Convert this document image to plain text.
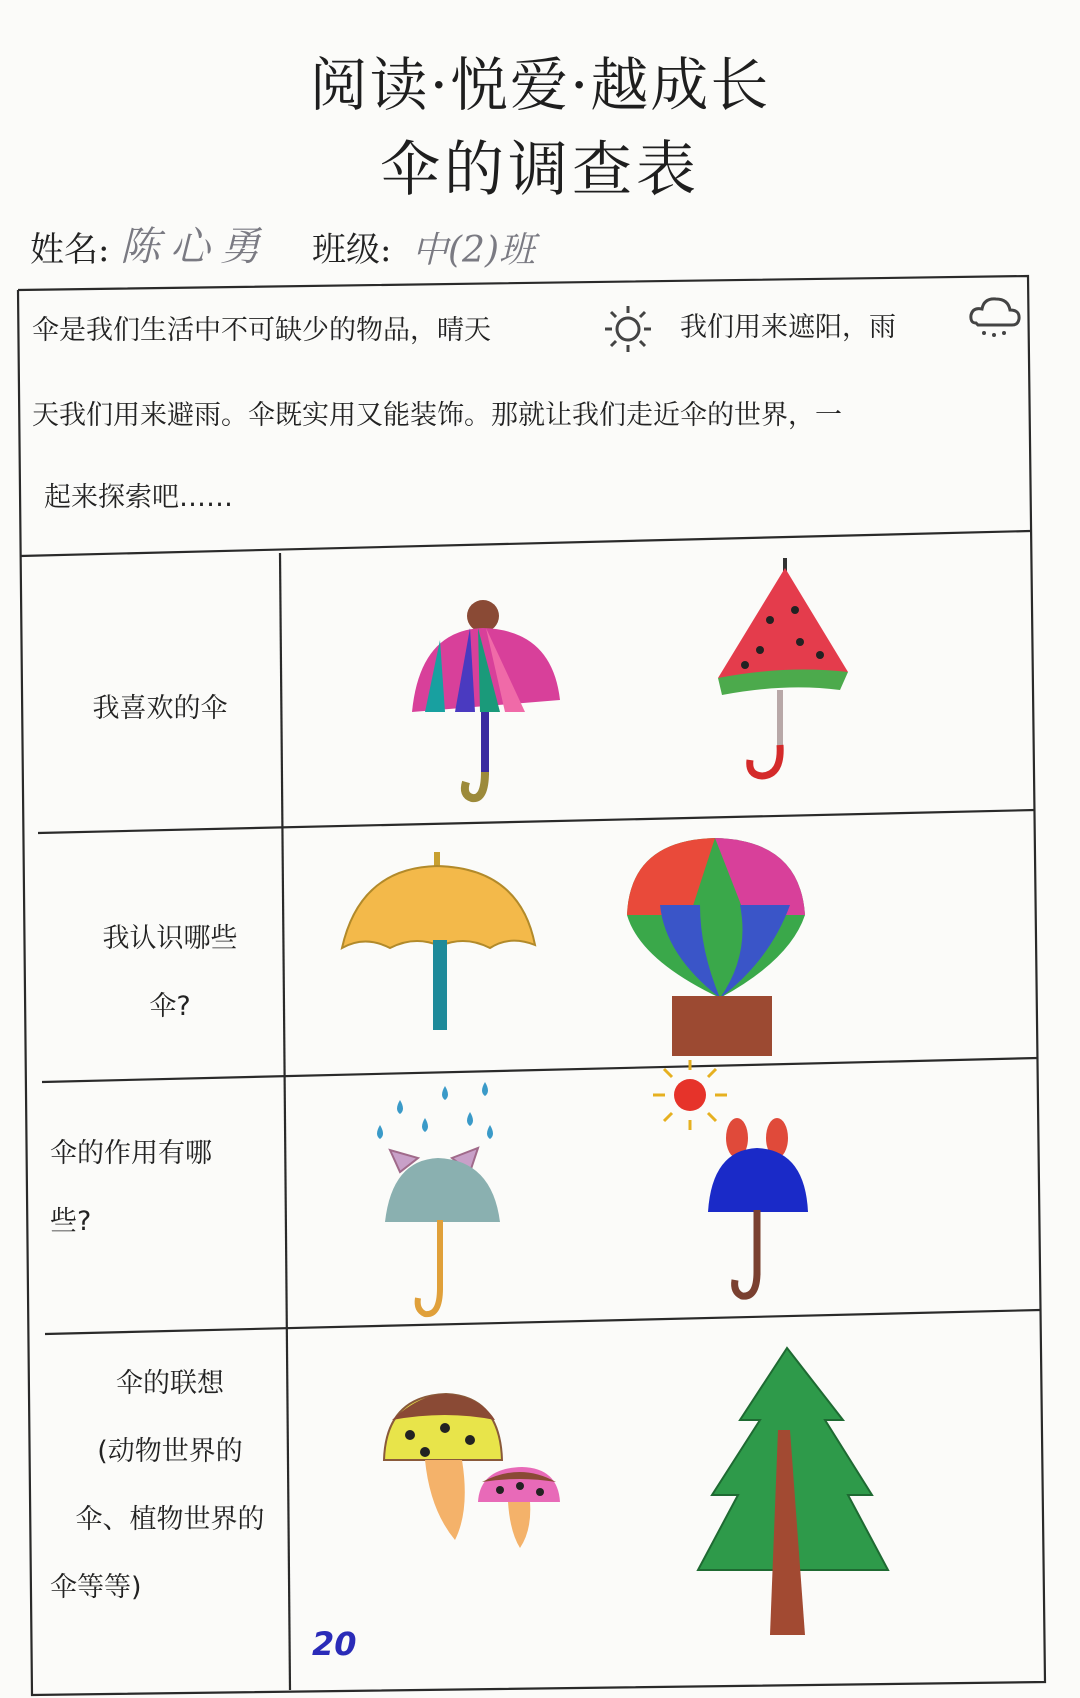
阅读·悦爱·越成长
伞的调查表
姓名: 陈心勇 班级: 中(2)班
伞是我们生活中不可缺少的物品，晴天	我们用来遮阳，雨
天我们用来避雨。伞既实用又能装饰。那就让我们走近伞的世界，一
起来探索吧……
我喜欢的伞
我认识哪些
伞?
伞的作用有哪
些?
伞的联想
(动物世界的
伞、植物世界的
伞等等)
20
